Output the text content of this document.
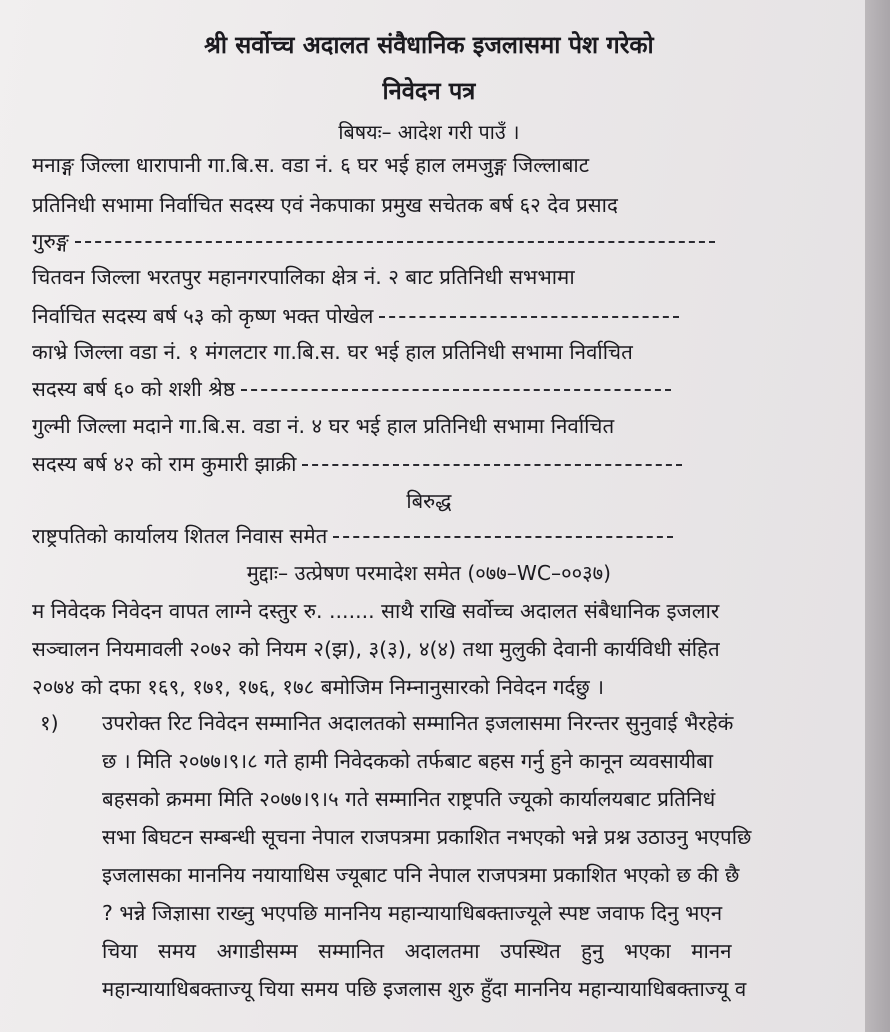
श्री सर्वोच्च अदालत संवैधानिक इजलासमा पेश गरेको
निवेदन पत्र
बिषयः– आदेश गरी पाउँ ।
मनाङ्ग जिल्ला धारापानी गा.बि.स. वडा नं. ६ घर भई हाल लमजुङ्ग जिल्लाबाट
प्रतिनिधी सभामा निर्वाचित सदस्य एवं नेकपाका प्रमुख सचेतक बर्ष ६२ देव प्रसाद
गुरुङ्ग
चितवन जिल्ला भरतपुर महानगरपालिका क्षेत्र नं. २ बाट प्रतिनिधी सभभामा
निर्वाचित सदस्य बर्ष ५३ को कृष्ण भक्त पोखेल
काभ्रे जिल्ला वडा नं. १ मंगलटार गा.बि.स. घर भई हाल प्रतिनिधी सभामा निर्वाचित
सदस्य बर्ष ६० को शशी श्रेष्ठ
गुल्मी जिल्ला मदाने गा.बि.स. वडा नं. ४ घर भई हाल प्रतिनिधी सभामा निर्वाचित
सदस्य बर्ष ४२ को राम कुमारी झाक्री
बिरुद्ध
राष्ट्रपतिको कार्यालय शितल निवास समेत
मुद्दाः– उत्प्रेषण परमादेश समेत (०७७–WC–००३७)
म निवेदक निवेदन वापत लाग्ने दस्तुर रु. ....... साथै राखि सर्वोच्च अदालत संबैधानिक इजलार
सञ्चालन नियमावली २०७२ को नियम २(झ), ३(३), ४(४) तथा मुलुकी देवानी कार्यविधी संहित
२०७४ को दफा १६९, १७१, १७६, १७८ बमोजिम निम्नानुसारको निवेदन गर्दछु ।
१) उपरोक्त रिट निवेदन सम्मानित अदालतको सम्मानित इजलासमा निरन्तर सुनुवाई भैरहेकं
छ । मिति २०७७।९।८ गते हामी निवेदकको तर्फबाट बहस गर्नु हुने कानून व्यवसायीबा
बहसको क्रममा मिति २०७७।९।५ गते सम्मानित राष्ट्रपति ज्यूको कार्यालयबाट प्रतिनिधं
सभा बिघटन सम्बन्धी सूचना नेपाल राजपत्रमा प्रकाशित नभएको भन्ने प्रश्न उठाउनु भएपछि
इजलासका माननिय नयायाधिस ज्यूबाट पनि नेपाल राजपत्रमा प्रकाशित भएको छ की छै
? भन्ने जिज्ञासा राख्नु भएपछि माननिय महान्यायाधिबक्ताज्यूले स्पष्ट जवाफ दिनु भएन
चिया समय अगाडीसम्म सम्मानित अदालतमा उपस्थित हुनु भएका मानन
महान्यायाधिबक्ताज्यू चिया समय पछि इजलास शुरु हुँदा माननिय महान्यायाधिबक्ताज्यू व
